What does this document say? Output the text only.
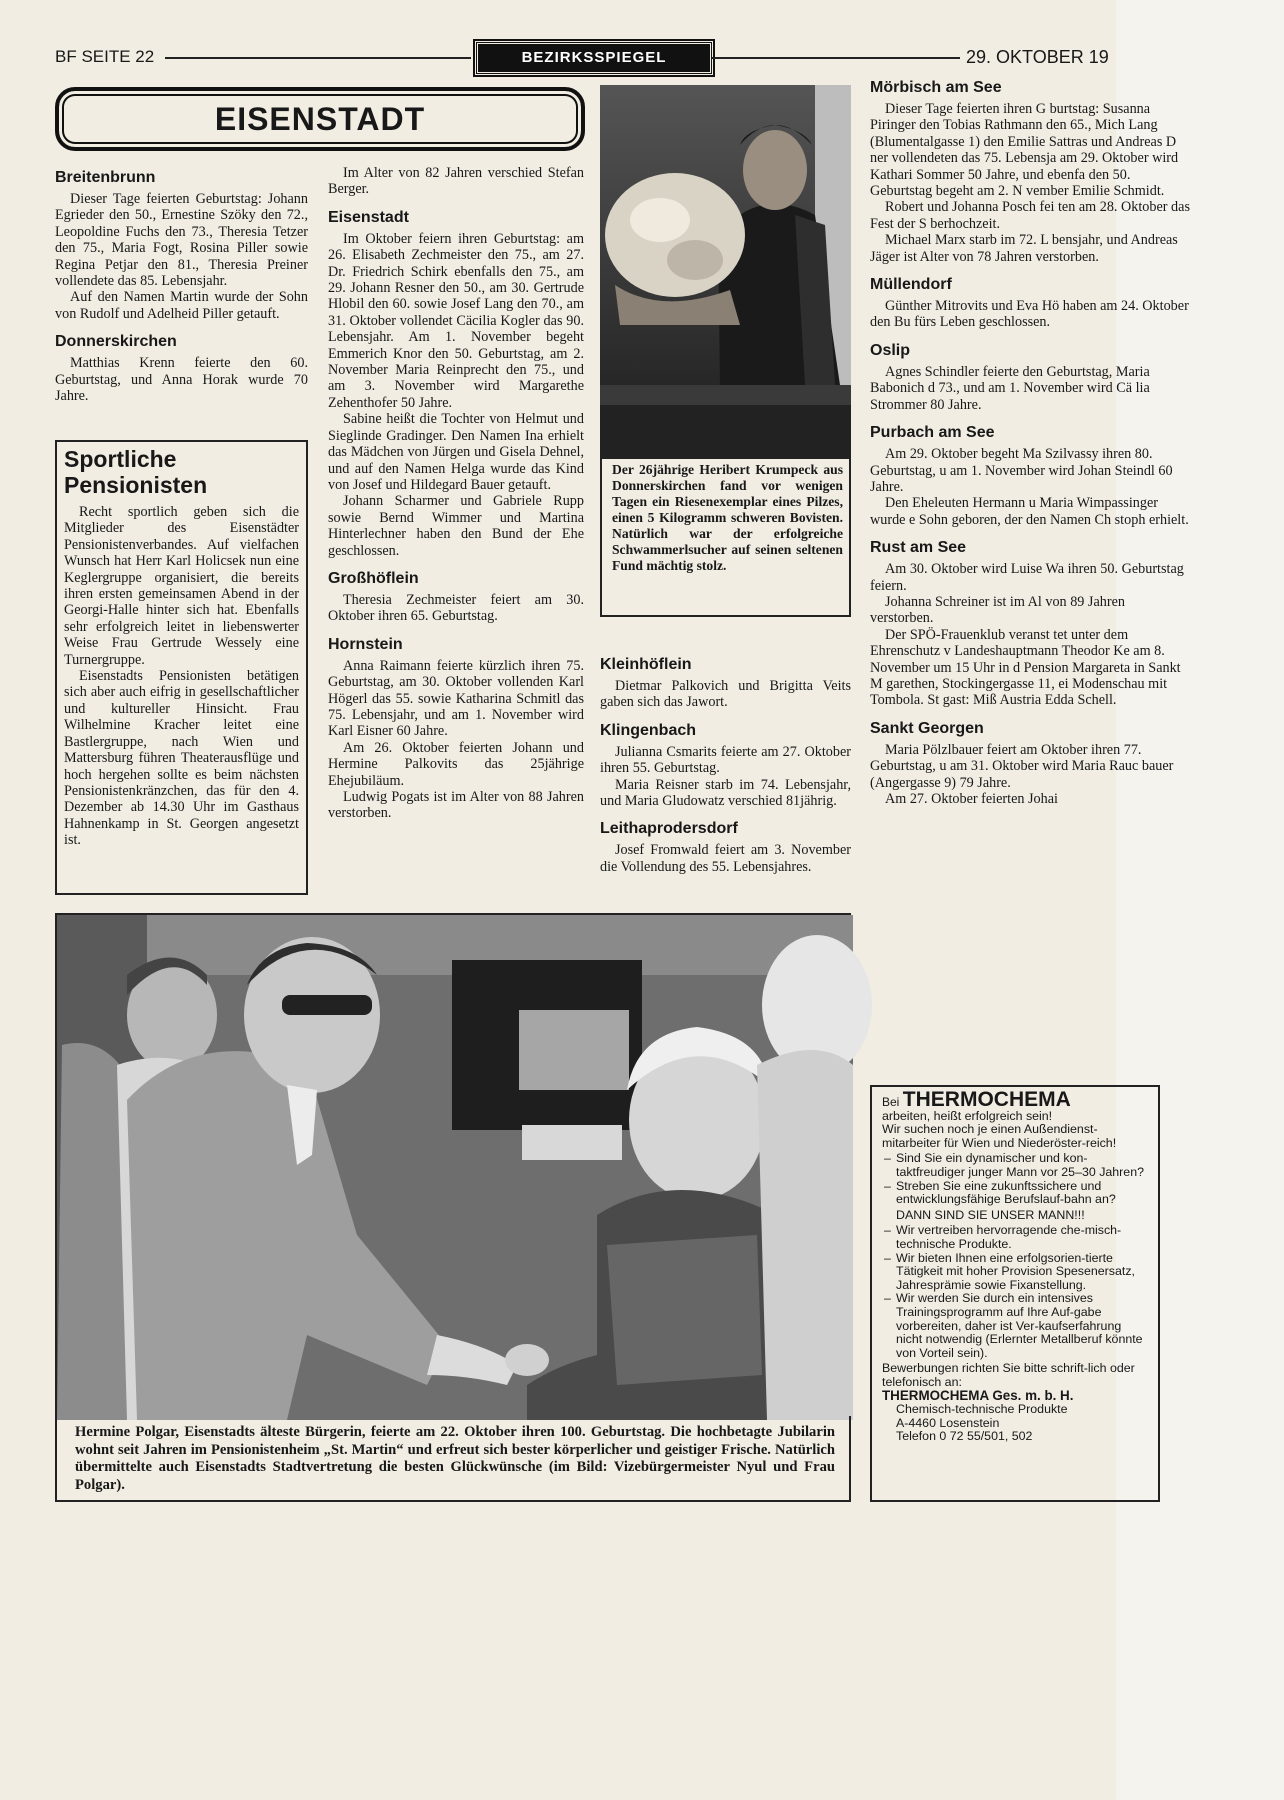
BF SEITE 22	BEZIRKSSPIEGEL	29. OKTOBER 19
EISENSTADT
Breitenbrunn

Dieser Tage feierten Geburtstag: Johann Egrieder den 50., Ernestine Szöky den 72., Leopoldine Fuchs den 73., Theresia Tetzer den 75., Maria Fogt, Rosina Piller sowie Regina Petjar den 81., Theresia Preiner vollendete das 85. Lebensjahr.

Auf den Namen Martin wurde der Sohn von Rudolf und Adelheid Piller getauft.

Donnerskirchen

Matthias Krenn feierte den 60. Geburtstag, und Anna Horak wurde 70 Jahre.

Sportliche Pensionisten

Recht sportlich geben sich die Mitglieder des Eisenstädter Pensionistenverbandes. Auf vielfachen Wunsch hat Herr Karl Holicsek nun eine Keglergruppe organisiert, die bereits ihren ersten gemeinsamen Abend in der Georgi-Halle hinter sich hat. Ebenfalls sehr erfolgreich leitet in liebenswerter Weise Frau Gertrude Wessely eine Turnergruppe.

Eisenstadts Pensionisten betätigen sich aber auch eifrig in gesellschaftlicher und kultureller Hinsicht. Frau Wilhelmine Kracher leitet eine Bastlergruppe, nach Wien und Mattersburg führen Theaterausflüge und hoch hergehen sollte es beim nächsten Pensionistenkränzchen, das für den 4. Dezember ab 14.30 Uhr im Gasthaus Hahnenkamp in St. Georgen angesetzt ist.

Im Alter von 82 Jahren verschied Stefan Berger.

Eisenstadt

Im Oktober feiern ihren Geburtstag: am 26. Elisabeth Zechmeister den 75., am 27. Dr. Friedrich Schirk ebenfalls den 75., am 29. Johann Resner den 50., am 30. Gertrude Hlobil den 60. sowie Josef Lang den 70., am 31. Oktober vollendet Cäcilia Kogler das 90. Lebensjahr. Am 1. November begeht Emmerich Knor den 50. Geburtstag, am 2. November Maria Reinprecht den 75., und am 3. November wird Margarethe Zehenthofer 50 Jahre.

Sabine heißt die Tochter von Helmut und Sieglinde Gradinger. Den Namen Ina erhielt das Mädchen von Jürgen und Gisela Dehnel, und auf den Namen Helga wurde das Kind von Josef und Hildegard Bauer getauft.

Johann Scharmer und Gabriele Rupp sowie Bernd Wimmer und Martina Hinterlechner haben den Bund der Ehe geschlossen.

Großhöflein

Theresia Zechmeister feiert am 30. Oktober ihren 65. Geburtstag.

Hornstein

Anna Raimann feierte kürzlich ihren 75. Geburtstag, am 30. Oktober vollenden Karl Högerl das 55. sowie Katharina Schmitl das 75. Lebensjahr, und am 1. November wird Karl Eisner 60 Jahre.

Am 26. Oktober feierten Johann und Hermine Palkovits das 25jährige Ehejubiläum.

Ludwig Pogats ist im Alter von 88 Jahren verstorben.

Der 26jährige Heribert Krumpeck aus Donnerskirchen fand vor wenigen Tagen ein Riesenexemplar eines Pilzes, einen 5 Kilogramm schweren Bovisten. Natürlich war der erfolgreiche Schwammerlsucher auf seinen seltenen Fund mächtig stolz.
Kleinhöflein

Dietmar Palkovich und Brigitta Veits gaben sich das Jawort.

Klingenbach

Julianna Csmarits feierte am 27. Oktober ihren 55. Geburtstag.

Maria Reisner starb im 74. Lebensjahr, und Maria Gludowatz verschied 81jährig.

Leithaprodersdorf

Josef Fromwald feiert am 3. November die Vollendung des 55. Lebensjahres.

Mörbisch am See

Dieser Tage feierten ihren G burtstag: Susanna Piringer den Tobias Rathmann den 65., Mich Lang (Blumentalgasse 1) den Emilie Sattras und Andreas D ner vollendeten das 75. Lebensja am 29. Oktober wird Kathari Sommer 50 Jahre, und ebenfa den 50. Geburtstag begeht am 2. N vember Emilie Schmidt.

Robert und Johanna Posch fei ten am 28. Oktober das Fest der S berhochzeit.

Michael Marx starb im 72. L bensjahr, und Andreas Jäger ist Alter von 78 Jahren verstorben.

Müllendorf

Günther Mitrovits und Eva Hö haben am 24. Oktober den Bu fürs Leben geschlossen.

Oslip

Agnes Schindler feierte den Geburtstag, Maria Babonich d 73., und am 1. November wird Cä lia Strommer 80 Jahre.

Purbach am See

Am 29. Oktober begeht Ma Szilvassy ihren 80. Geburtstag, u am 1. November wird Johan Steindl 60 Jahre.

Den Eheleuten Hermann u Maria Wimpassinger wurde e Sohn geboren, der den Namen Ch stoph erhielt.

Rust am See

Am 30. Oktober wird Luise Wa ihren 50. Geburtstag feiern.

Johanna Schreiner ist im Al von 89 Jahren verstorben.

Der SPÖ-Frauenklub veranst tet unter dem Ehrenschutz v Landeshauptmann Theodor Ke am 8. November um 15 Uhr in d Pension Margareta in Sankt M garethen, Stockingergasse 11, ei Modenschau mit Tombola. St gast: Miß Austria Edda Schell.

Sankt Georgen

Maria Pölzlbauer feiert am Oktober ihren 77. Geburtstag, u am 31. Oktober wird Maria Rauc bauer (Angergasse 9) 79 Jahre.

Am 27. Oktober feierten Johai

Hermine Polgar, Eisenstadts älteste Bürgerin, feierte am 22. Oktober ihren 100. Geburtstag. Die hochbetagte Jubilarin wohnt seit Jahren im Pensionistenheim „St. Martin“ und erfreut sich bester körperlicher und geistiger Frische. Natürlich übermittelte auch Eisenstadts Stadtvertretung die besten Glückwünsche (im Bild: Vizebürgermeister Nyul und Frau Polgar).
Bei THERMOCHEMA
arbeiten, heißt erfolgreich sein!
Wir suchen noch je einen Außendienst-mitarbeiter für Wien und Niederöster-reich!
– Sind Sie ein dynamischer und kon-taktfreudiger junger Mann vor 25–30 Jahren?
– Streben Sie eine zukunftssichere und entwicklungsfähige Berufslauf-bahn an?
DANN SIND SIE UNSER MANN!!!
– Wir vertreiben hervorragende che-misch-technische Produkte.
– Wir bieten Ihnen eine erfolgsorien-tierte Tätigkeit mit hoher Provision Spesenersatz, Jahresprämie sowie Fixanstellung.
– Wir werden Sie durch ein intensives Trainingsprogramm auf Ihre Auf-gabe vorbereiten, daher ist Ver-kaufserfahrung nicht notwendig (Erlernter Metallberuf könnte von Vorteil sein).
Bewerbungen richten Sie bitte schrift-lich oder telefonisch an:
THERMOCHEMA Ges. m. b. H.
Chemisch-technische Produkte
A-4460 Losenstein
Telefon 0 72 55/501, 502
